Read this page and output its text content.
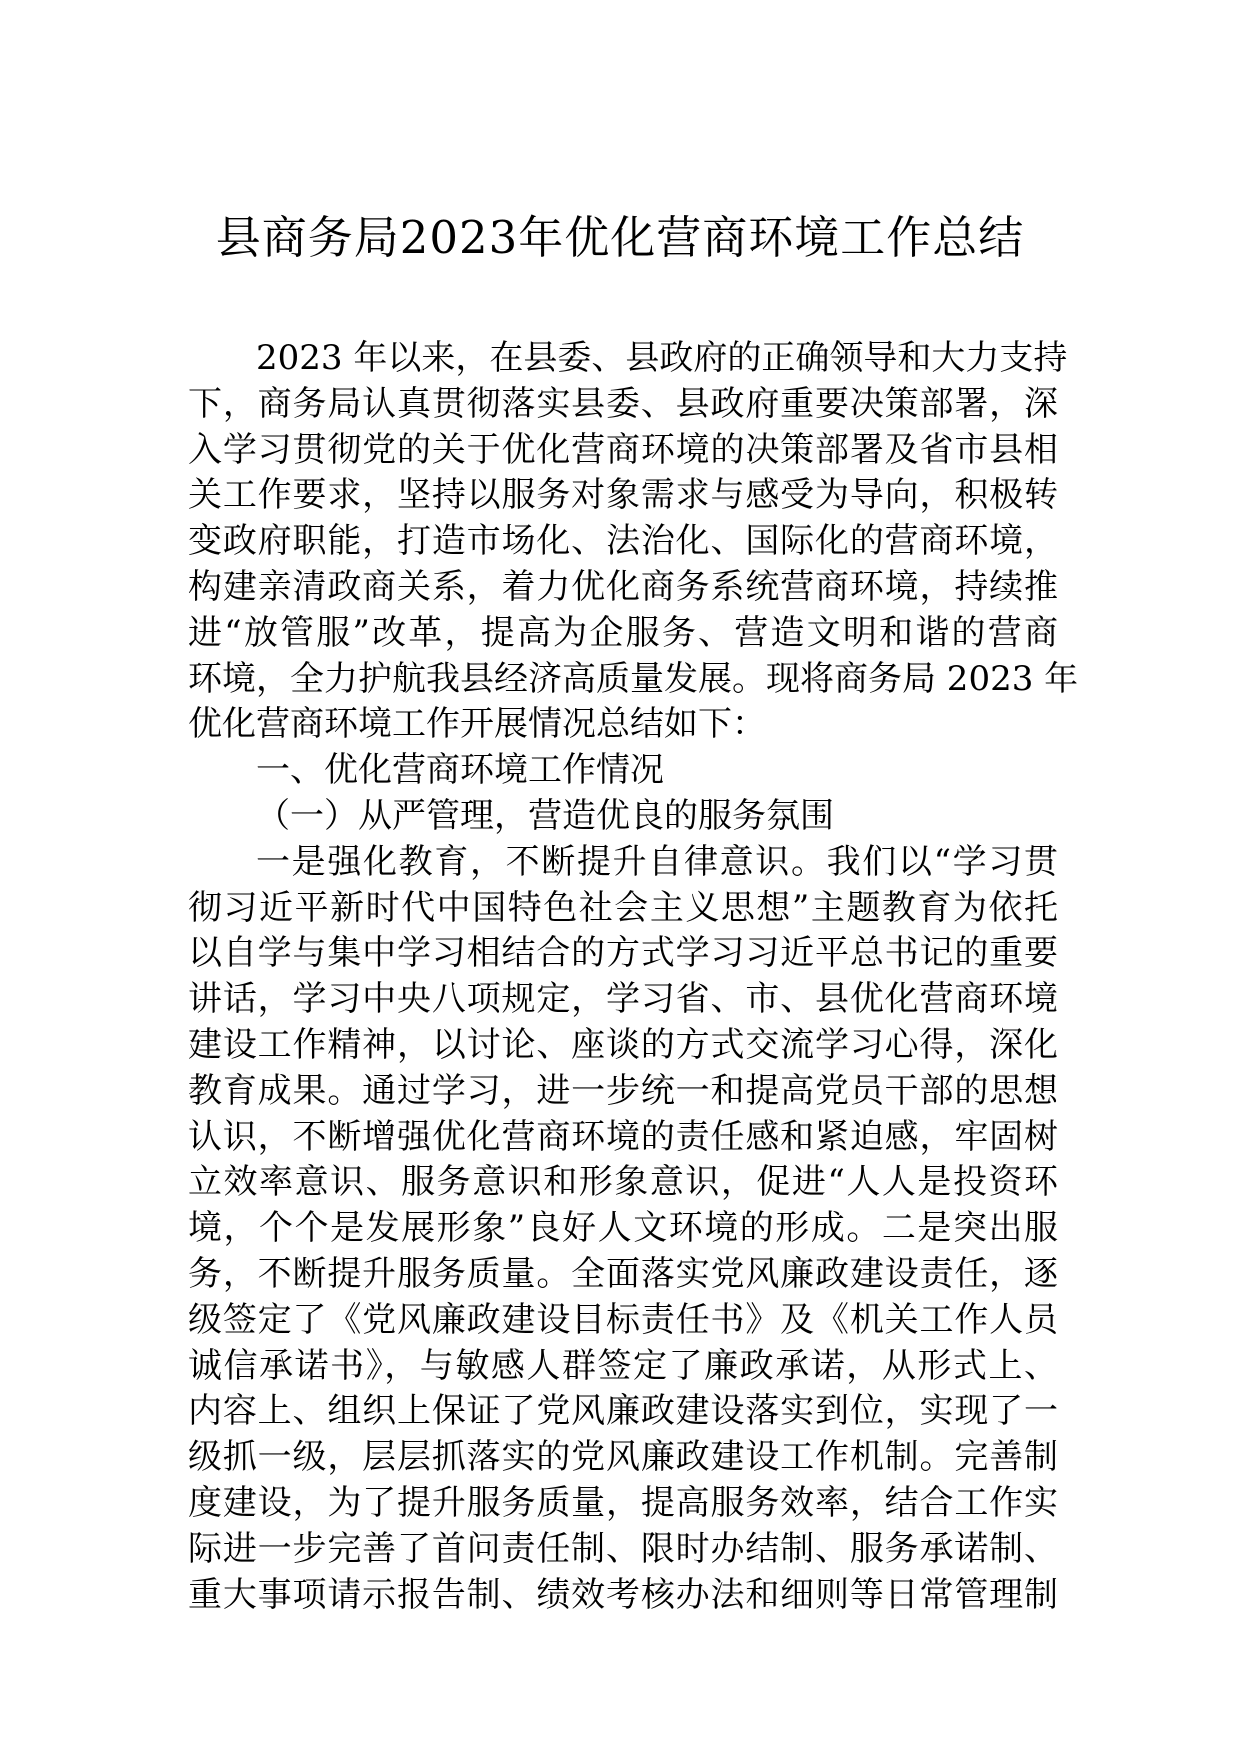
县商务局2023年优化营商环境工作总结
2023 年以来，在县委、县政府的正确领导和大力支持
下，商务局认真贯彻落实县委、县政府重要决策部署，深
入学习贯彻党的关于优化营商环境的决策部署及省市县相
关工作要求，坚持以服务对象需求与感受为导向，积极转
变政府职能，打造市场化、法治化、国际化的营商环境，
构建亲清政商关系，着力优化商务系统营商环境，持续推
进“放管服”改革，提高为企服务、营造文明和谐的营商
环境，全力护航我县经济高质量发展。现将商务局 2023 年
优化营商环境工作开展情况总结如下：
一、优化营商环境工作情况
（一）从严管理，营造优良的服务氛围
一是强化教育，不断提升自律意识。我们以“学习贯
彻习近平新时代中国特色社会主义思想”主题教育为依托
以自学与集中学习相结合的方式学习习近平总书记的重要
讲话，学习中央八项规定，学习省、市、县优化营商环境
建设工作精神，以讨论、座谈的方式交流学习心得，深化
教育成果。通过学习，进一步统一和提高党员干部的思想
认识，不断增强优化营商环境的责任感和紧迫感，牢固树
立效率意识、服务意识和形象意识，促进“人人是投资环
境，个个是发展形象”良好人文环境的形成。二是突出服
务，不断提升服务质量。全面落实党风廉政建设责任，逐
级签定了《党风廉政建设目标责任书》及《机关工作人员
诚信承诺书》，与敏感人群签定了廉政承诺，从形式上、
内容上、组织上保证了党风廉政建设落实到位，实现了一
级抓一级，层层抓落实的党风廉政建设工作机制。完善制
度建设，为了提升服务质量，提高服务效率，结合工作实
际进一步完善了首问责任制、限时办结制、服务承诺制、
重大事项请示报告制、绩效考核办法和细则等日常管理制
